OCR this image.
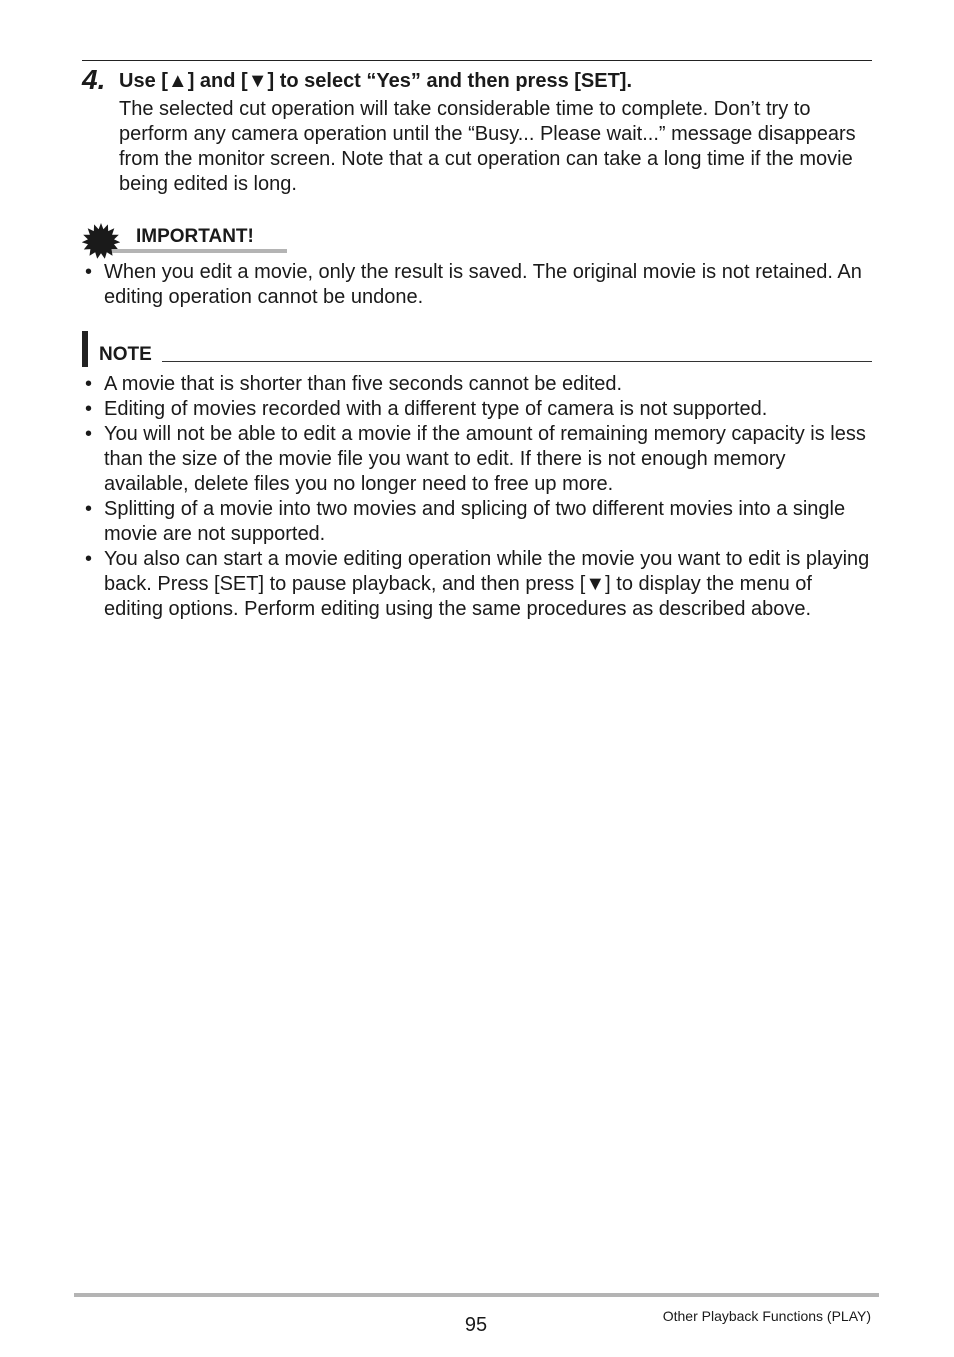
4. Use [▲] and [▼] to select “Yes” and then press [SET].
The selected cut operation will take considerable time to complete. Don’t try to perform any camera operation until the “Busy... Please wait...” message disappears from the monitor screen. Note that a cut operation can take a long time if the movie being edited is long.
IMPORTANT!
• When you edit a movie, only the result is saved. The original movie is not retained. An editing operation cannot be undone.
NOTE
• A movie that is shorter than five seconds cannot be edited.
• Editing of movies recorded with a different type of camera is not supported.
• You will not be able to edit a movie if the amount of remaining memory capacity is less than the size of the movie file you want to edit. If there is not enough memory available, delete files you no longer need to free up more.
• Splitting of a movie into two movies and splicing of two different movies into a single movie are not supported.
• You also can start a movie editing operation while the movie you want to edit is playing back. Press [SET] to pause playback, and then press [▼] to display the menu of editing options. Perform editing using the same procedures as described above.
95	Other Playback Functions (PLAY)
